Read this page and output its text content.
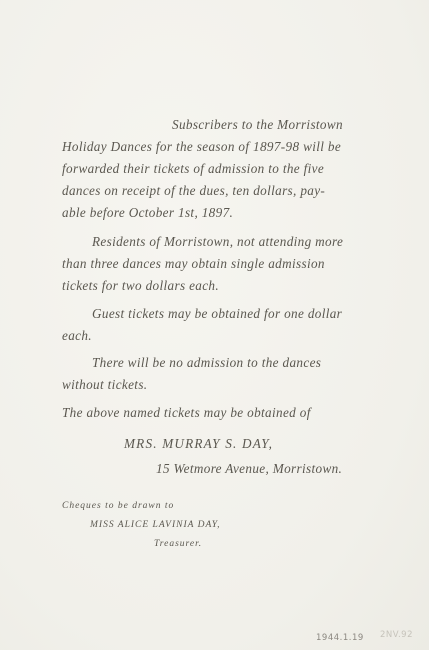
Subscribers to the Morristown
Holiday Dances for the season of 1897-98 will be
forwarded their tickets of admission to the five
dances on receipt of the dues, ten dollars, pay-
able before October 1st, 1897.
Residents of Morristown, not attending more
than three dances may obtain single admission
tickets for two dollars each.
Guest tickets may be obtained for one dollar
each.
There will be no admission to the dances
without tickets.
The above named tickets may be obtained of
MRS. MURRAY S. DAY,
15 Wetmore Avenue, Morristown.
Cheques to be drawn to
MISS ALICE LAVINIA DAY,
Treasurer.
1944.1.19 2NV.92
